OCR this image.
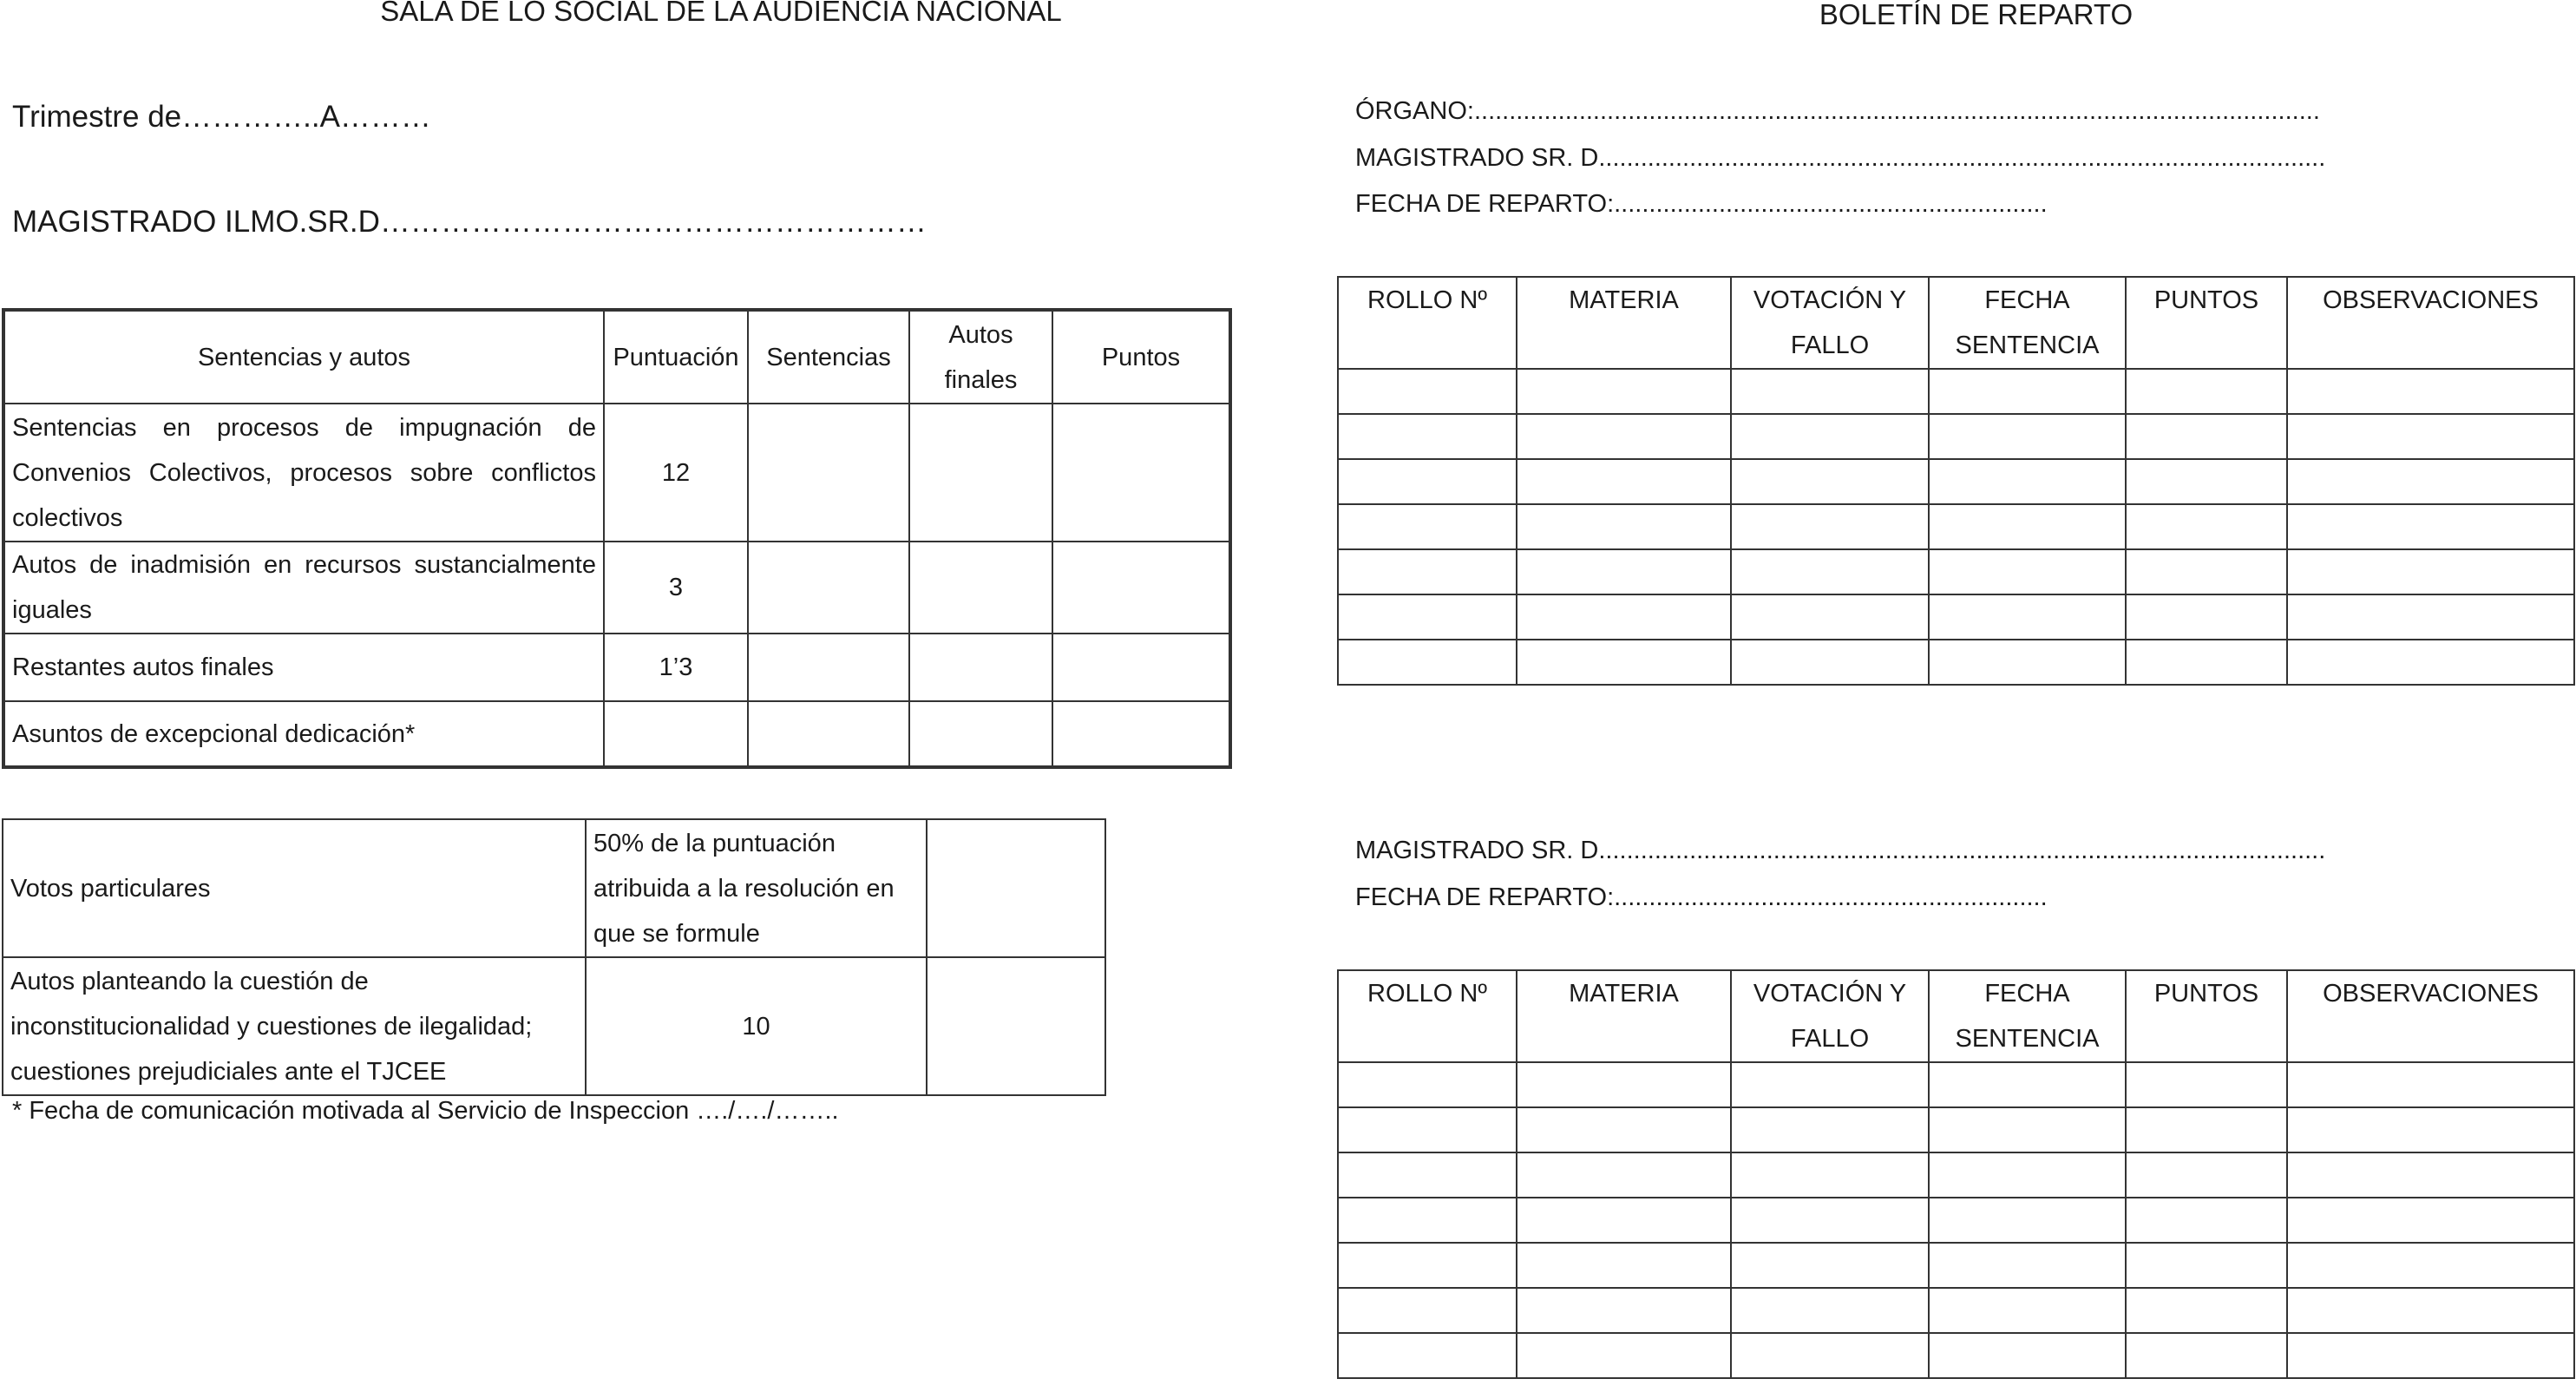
SALA DE LO SOCIAL DE LA AUDIENCIA NACIONAL
Trimestre de…………..A………
MAGISTRADO ILMO.SR.D………………………………………………
Sentencias y autos	Puntuación	Sentencias	Autos finales	Puntos
Sentencias en procesos de impugnación de Convenios Colectivos, procesos sobre conflictos colectivos	12			
Autos de inadmisión en recursos sustancialmente iguales	3			
Restantes autos finales	1’3			
Asuntos de excepcional dedicación*				
Votos particulares	50% de la puntuación atribuida a la resolución en que se formule	
Autos planteando la cuestión de inconstitucionalidad y cuestiones de ilegalidad; cuestiones prejudiciales ante el TJCEE	10	
* Fecha de comunicación motivada al Servicio de Inspeccion …./…./……..
BOLETÍN DE REPARTO
ÓRGANO:.........................................................................................................................
MAGISTRADO SR. D........................................................................................................
FECHA DE REPARTO:..............................................................
ROLLO Nº	MATERIA	VOTACIÓN Y FALLO	FECHA SENTENCIA	PUNTOS	OBSERVACIONES

MAGISTRADO SR. D........................................................................................................
FECHA DE REPARTO:..............................................................
ROLLO Nº	MATERIA	VOTACIÓN Y FALLO	FECHA SENTENCIA	PUNTOS	OBSERVACIONES
